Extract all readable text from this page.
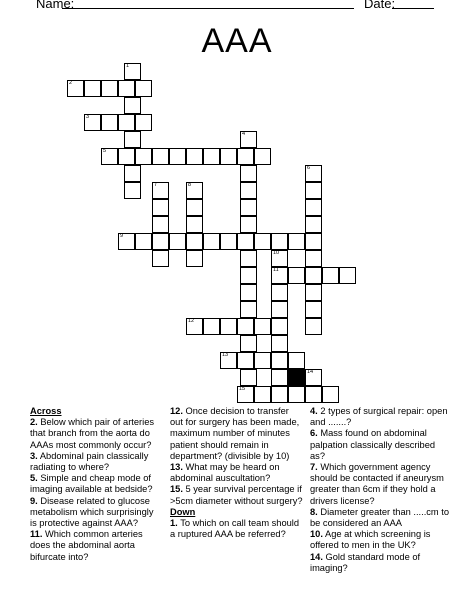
Name:	Date:
AAA
1
2
3
4
5
6
7	8
9
10
11
12
13
14
15
Across
2. Below which pair of arteries that branch from the aorta do AAAs most commonly occur?
3. Abdominal pain classically radiating to where?
5. Simple and cheap mode of imaging available at bedside?
9. Disease related to glucose metabolism which surprisingly is protective against AAA?
11. Which common arteries does the abdominal aorta bifurcate into?
12. Once decision to transfer out for surgery has been made, maximum number of minutes patient should remain in department? (divisible by 10)
13. What may be heard on abdominal auscultation?
15. 5 year survival percentage if >5cm diameter without surgery?
Down
1. To which on call team should a ruptured AAA be referred?
4. 2 types of surgical repair: open and .......?
6. Mass found on abdominal palpation classically described as?
7. Which government agency should be contacted if aneurysm greater than 6cm if they hold a drivers license?
8. Diameter greater than .....cm to be considered an AAA
10. Age at which screening is offered to men in the UK?
14. Gold standard mode of imaging?
